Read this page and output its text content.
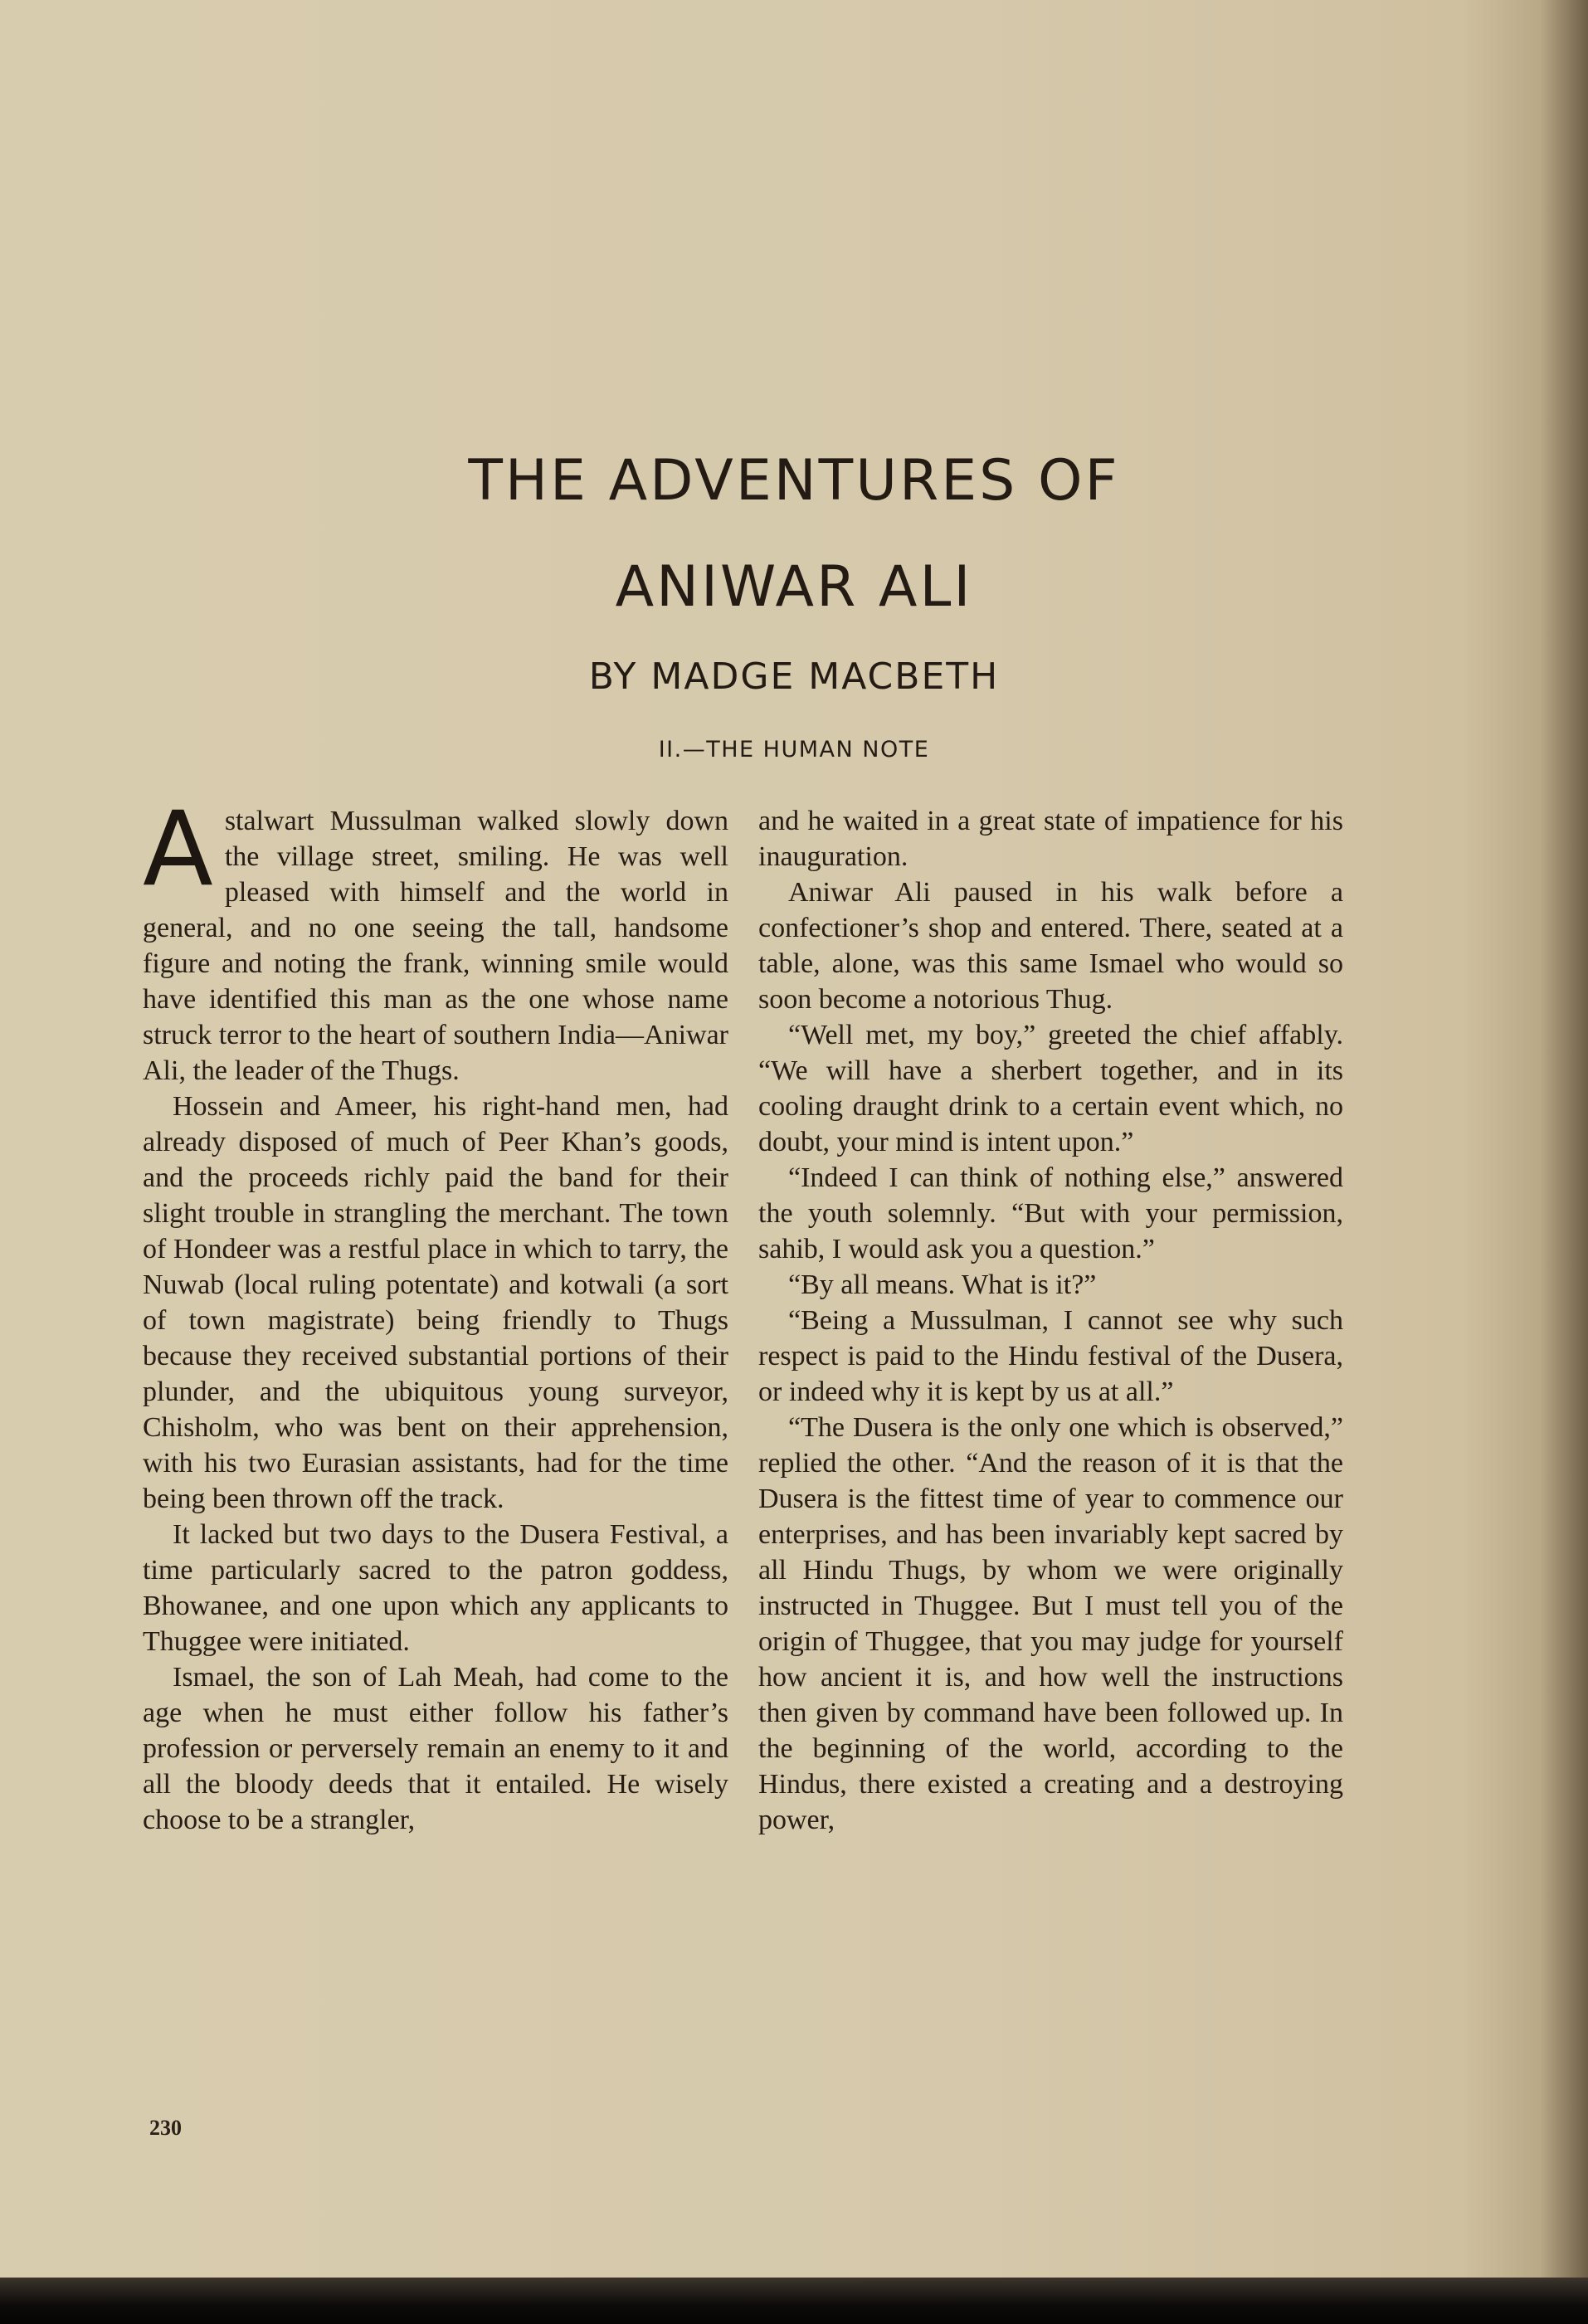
THE ADVENTURES OF
ANIWAR ALI
BY MADGE MACBETH
II.—THE HUMAN NOTE

Astalwart Mussulman walked slowly down the village street, smiling. He was well pleased with himself and the world in general, and no one seeing the tall, handsome figure and noting the frank, winning smile would have identified this man as the one whose name struck terror to the heart of southern India—Aniwar Ali, the leader of the Thugs.

Hossein and Ameer, his right-hand men, had already disposed of much of Peer Khan’s goods, and the proceeds richly paid the band for their slight trouble in strangling the merchant. The town of Hondeer was a restful place in which to tarry, the Nuwab (local ruling potentate) and kotwali (a sort of town magistrate) being friendly to Thugs because they received substantial portions of their plunder, and the ubiquitous young surveyor, Chisholm, who was bent on their apprehension, with his two Eurasian assistants, had for the time being been thrown off the track.

It lacked but two days to the Dusera Festival, a time particularly sacred to the patron goddess, Bhowanee, and one upon which any applicants to Thuggee were initiated.

Ismael, the son of Lah Meah, had come to the age when he must either follow his father’s profession or perversely remain an enemy to it and all the bloody deeds that it entailed. He wisely choose to be a strangler,

and he waited in a great state of impatience for his inauguration.

Aniwar Ali paused in his walk before a confectioner’s shop and entered. There, seated at a table, alone, was this same Ismael who would so soon become a notorious Thug.

“Well met, my boy,” greeted the chief affably. “We will have a sherbert together, and in its cooling draught drink to a certain event which, no doubt, your mind is intent upon.”

“Indeed I can think of nothing else,” answered the youth solemnly. “But with your permission, sahib, I would ask you a question.”

“By all means. What is it?”

“Being a Mussulman, I cannot see why such respect is paid to the Hindu festival of the Dusera, or indeed why it is kept by us at all.”

“The Dusera is the only one which is observed,” replied the other. “And the reason of it is that the Dusera is the fittest time of year to commence our enterprises, and has been invariably kept sacred by all Hindu Thugs, by whom we were originally instructed in Thuggee. But I must tell you of the origin of Thuggee, that you may judge for yourself how ancient it is, and how well the instructions then given by command have been followed up. In the beginning of the world, according to the Hindus, there existed a creating and a destroying power,

230
